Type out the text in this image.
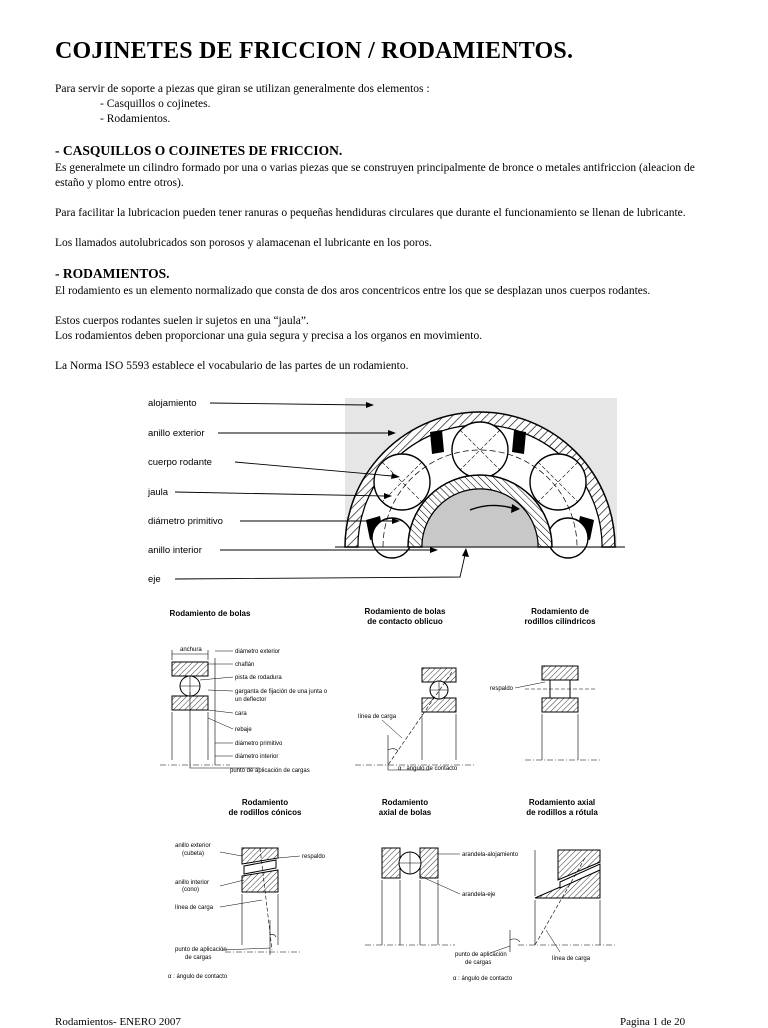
COJINETES DE FRICCION / RODAMIENTOS.
Para servir de soporte a piezas que giran se utilizan generalmente dos elementos :
- Casquillos o cojinetes.
- Rodamientos.
- CASQUILLOS O COJINETES DE FRICCION.
Es generalmete un cilindro formado por una o varias piezas que se construyen principalmente de bronce o metales antifriccion (aleacion de estaño y plomo entre otros).
Para facilitar la lubricacion pueden tener ranuras o pequeñas hendiduras circulares que durante el funcionamiento se llenan de lubricante.
Los llamados autolubricados son porosos y alamacenan el lubricante en los poros.
- RODAMIENTOS.
El rodamiento es un elemento normalizado que consta de dos aros concentricos entre los que se desplazan unos cuerpos rodantes.
Estos cuerpos rodantes suelen ir sujetos en una “jaula”.
Los rodamientos deben proporcionar una guia segura y precisa a los organos en movimiento.
La Norma ISO 5593 establece el vocabulario de las partes de un rodamiento.
alojamiento
anillo exterior
cuerpo rodante
jaula
diámetro primitivo
anillo interior
eje
Rodamiento de bolas	Rodamiento de bolas
de contacto oblicuo
Rodamiento de
rodillos cilíndricos
Rodamiento
de rodillos cónicos
Rodamiento
axial de bolas
Rodamiento axial
de rodillos a rótula
anchura	diámetro exterior
chaflán
pista de rodadura
garganta de fijación de una junta o
un deflector
cara
rebaje
diámetro primitivo
diámetro interior
punto de aplicación de cargas
línea de carga
α : ángulo de contacto
respaldo
anillo exterior
(cubeta)
anillo interior
(cono)
línea de carga
respaldo
punto de aplicación
de cargas
α : ángulo de contacto
arandela-alojamiento
arandela-eje
punto de aplicación
de cargas
α : ángulo de contacto
línea de carga
Rodamientos- ENERO 2007	Pagina 1 de 20
